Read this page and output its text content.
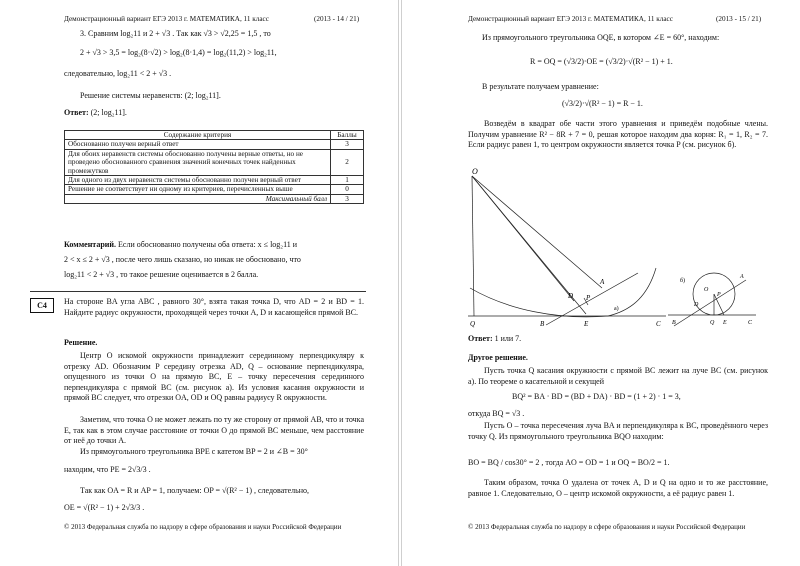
Демонстрационный вариант ЕГЭ 2013 г. МАТЕМАТИКА, 11 класс	(2013 - 14 / 21)
3. Сравним log₂11 и 2 + √3 . Так как √3 > √2,25 = 1,5 , то
2 + √3 > 3,5 = log₂(8·√2) > log₂(8·1,4) = log₂(11,2) > log₂11,
следовательно, log₂11 < 2 + √3 .
Решение системы неравенств: (2; log₂11].
Ответ: (2; log₂11].
Содержание критерия	Баллы
Обоснованно получен верный ответ	3
Для обоих неравенств системы обоснованно получены верные ответы, но не проведено обоснованного сравнения значений конечных точек найденных промежутков	2
Для одного из двух неравенств системы обоснованно получен верный ответ	1
Решение не соответствует ни одному из критериев, перечисленных выше	0
Максимальный балл	3
Комментарий. Если обоснованно получены оба ответа: x ≤ log₂11 и
2 < x ≤ 2 + √3 , после чего лишь сказано, но никак не обосновано, что
log₂11 < 2 + √3 , то такое решение оценивается в 2 балла.
С4	На стороне BA угла ABC , равного 30°, взята такая точка D, что AD = 2 и BD = 1. Найдите радиус окружности, проходящей через точки A, D и касающейся прямой BC.
Решение.
Центр O искомой окружности принадлежит серединному перпендикуляру к отрезку AD. Обозначим P середину отрезка AD, Q – основание перпендикуляра, опущенного из точки O на прямую BC, E – точку пересечения серединного перпендикуляра с прямой BC (см. рисунок а). Из условия касания окружности и прямой BC следует, что отрезки OA, OD и OQ равны радиусу R окружности.
Заметим, что точка O не может лежать по ту же сторону от прямой AB, что и точка E, так как в этом случае расстояние от точки O до прямой BC меньше, чем расстояние от неё до точки A.
Из прямоугольного треугольника BPE с катетом BP = 2 и ∠B = 30°
находим, что PE = 2√3/3 .
Так как OA = R и AP = 1, получаем: OP = √(R² − 1) , следовательно,
OE = √(R² − 1) + 2√3/3 .
© 2013 Федеральная служба по надзору в сфере образования и науки Российской Федерации
Демонстрационный вариант ЕГЭ 2013 г. МАТЕМАТИКА, 11 класс	(2013 - 15 / 21)
Из прямоугольного треугольника OQE, в котором ∠E = 60°, находим:
R = OQ = (√3/2)·OE = (√3/2)·√(R² − 1) + 1.
В результате получаем уравнение:
(√3/2)·√(R² − 1) = R − 1.
Возведём в квадрат обе части этого уравнения и приведём подобные члены. Получим уравнение R² − 8R + 7 = 0, решая которое находим два корня: R₁ = 1, R₂ = 7. Если радиус равен 1, то центром окружности является точка P (см. рисунок б).
O
A
D P
B
Q	E	C
а)
O
A
D
P
B	Q E	C
б)
Ответ: 1 или 7.
Другое решение.
Пусть точка Q касания окружности с прямой BC лежит на луче BC (см. рисунок а). По теореме о касательной и секущей
BQ² = BA · BD = (BD + DA) · BD = (1 + 2) · 1 = 3,
откуда BQ = √3 .
Пусть O – точка пересечения луча BA и перпендикуляра к BC, проведённого через точку Q. Из прямоугольного треугольника BQO находим:
BO = BQ / cos30° = 2 , тогда AO = OD = 1 и OQ = BO/2 = 1.
Таким образом, точка O удалена от точек A, D и Q на одно и то же расстояние, равное 1. Следовательно, O – центр искомой окружности, а её радиус равен 1.
© 2013 Федеральная служба по надзору в сфере образования и науки Российской Федерации
